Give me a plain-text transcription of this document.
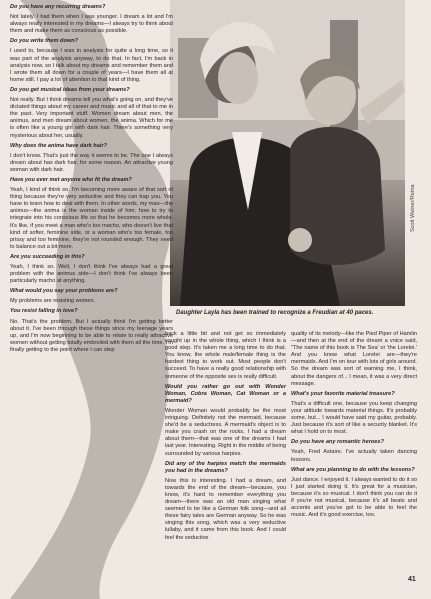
Do you have any recurring dreams?

Not lately. I had them when I was younger. I dream a lot and I'm always really interested in my dreams—I always try to think about them and make them as conscious as possible.

Do you write them down?

I used to, because I was in analysis for quite a long time, so it was part of the analysis anyway, to do that. In fact, I'm back in analysis now, so I talk about my dreams and remember them and I wrote them all down for a couple of years—I have them all at home still. I pay a lot of attention to that kind of thing.

Do you get musical ideas from your dreams?

Not really. But I think dreams tell you what's going on, and they've dictated things about my career and music and all of that to me in the past. Very important stuff. Women dream about men, the animus, and men dream about women, the anima. Which for me is often like a young girl with dark hair. There's something very mysterious about her, usually.

Why does the anima have dark hair?

I don't know. That's just the way it seems to be. The one I always dream about has dark hair, for some reason. An attractive young woman with dark hair.

Have you ever met anyone who fit the dream?

Yeah, I kind of think so. I'm becoming more aware of that sort of thing because they're very seductive and they can trap you. You have to learn how to deal with them. In other words, my man—the animus—the anima is the woman inside of him; how to try to integrate into his conscious life so that he becomes more whole. It's like, if you meet a man who's too macho, who doesn't live that kind of softer, feminine side, or a woman who's too female, too prissy and too feminine, they're not rounded enough. They need to balance out a bit more.

Are you succeeding in this?

Yeah, I think so. Well, I don't think I've always had a great problem with the animus side—I don't think I've always been particularly macho at anything.

What would you say your problems are?

My problems are resisting women.

You resist falling in love?

No. That's the problem. But I actually think I'm getting better about it. I've been through these things since my teenage years up, and I'm now beginning to be able to relate to really attractive women without getting totally embroiled with them all the time. I'm finally getting to the point where I can step

Daughter Layla has been trained to recognize a Freudian at 40 paces.

back a little bit and not get so immediately caught up in the whole thing, which I think is a good step. It's taken me a long time to do that. You know, the whole male/female thing is the hardest thing to work out. Most people don't succeed. To have a really good relationship with someone of the opposite sex is really difficult.

Would you rather go out with Wonder Woman, Cobra Woman, Cat Woman or a mermaid?

Wonder Woman would probably be the most intriguing. Definitely not the mermaid, because she'd be a seductress. A mermaid's object is to make you crash on the rocks. I had a dream about them—that was one of the dreams I had last year. Interesting. Right in the middle of being surrounded by various harpies.

Did any of the harpies match the mermaids you had in the dreams?

Now this is interesting. I had a dream, and towards the end of the dream—because, you know, it's hard to remember everything you dream—there was an old man singing what seemed to be like a German folk song—and all these fairy tales are German anyway. So he was singing this song, which was a very seductive lullaby, and it came from this book. And I could feel the seductive

quality of its melody—like the Pied Piper of Hamlin—and then at the end of the dream a voice said, "The name of this book is The Sea' or 'the Lorelei.' And you know what Lorelei are—they're mermaids. And I'm on tour with lots of girls around. So the dream was sort of warning me, I think, about the dangers of... I mean, it was a very direct message.

What's your favorite material treasure?

That's a difficult one, because you keep changing your attitude towards material things. It's probably some, but... I would have said my guitar, probably. Just because it's sort of like a security blanket. It's what I hold on to most.

Do you have any romantic heroes?

Yeah, Fred Astaire. I've actually taken dancing lessons.

What are you planning to do with the lessons?

Just dance. I enjoyed it. I always wanted to do it so I just started doing it. It's great for a musician, because it's so musical. I don't think you can do it if you're not musical, because it's all beats and accents and you've got to be able to feel the music. And it's good exercise, too.

Scott Weiner/Retna
41
